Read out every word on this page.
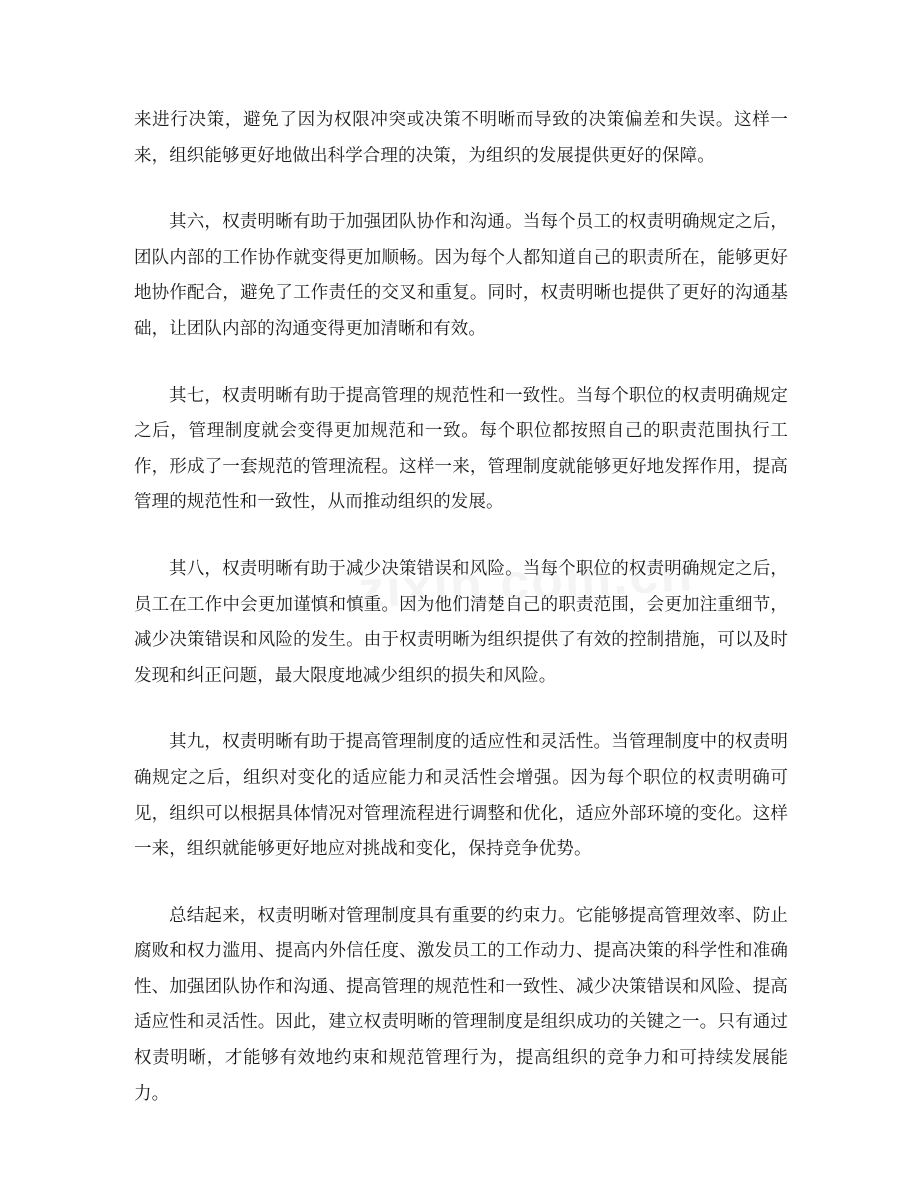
来进行决策，避免了因为权限冲突或决策不明晰而导致的决策偏差和失误。这样一来，组织能够更好地做出科学合理的决策，为组织的发展提供更好的保障。

其六，权责明晰有助于加强团队协作和沟通。当每个员工的权责明确规定之后，团队内部的工作协作就变得更加顺畅。因为每个人都知道自己的职责所在，能够更好地协作配合，避免了工作责任的交叉和重复。同时，权责明晰也提供了更好的沟通基础，让团队内部的沟通变得更加清晰和有效。

其七，权责明晰有助于提高管理的规范性和一致性。当每个职位的权责明确规定之后，管理制度就会变得更加规范和一致。每个职位都按照自己的职责范围执行工作，形成了一套规范的管理流程。这样一来，管理制度就能够更好地发挥作用，提高管理的规范性和一致性，从而推动组织的发展。

其八，权责明晰有助于减少决策错误和风险。当每个职位的权责明确规定之后，员工在工作中会更加谨慎和慎重。因为他们清楚自己的职责范围，会更加注重细节，减少决策错误和风险的发生。由于权责明晰为组织提供了有效的控制措施，可以及时发现和纠正问题，最大限度地减少组织的损失和风险。

其九，权责明晰有助于提高管理制度的适应性和灵活性。当管理制度中的权责明确规定之后，组织对变化的适应能力和灵活性会增强。因为每个职位的权责明确可见，组织可以根据具体情况对管理流程进行调整和优化，适应外部环境的变化。这样一来，组织就能够更好地应对挑战和变化，保持竞争优势。

总结起来，权责明晰对管理制度具有重要的约束力。它能够提高管理效率、防止腐败和权力滥用、提高内外信任度、激发员工的工作动力、提高决策的科学性和准确性、加强团队协作和沟通、提高管理的规范性和一致性、减少决策错误和风险、提高适应性和灵活性。因此，建立权责明晰的管理制度是组织成功的关键之一。只有通过权责明晰，才能够有效地约束和规范管理行为，提高组织的竞争力和可持续发展能力。
